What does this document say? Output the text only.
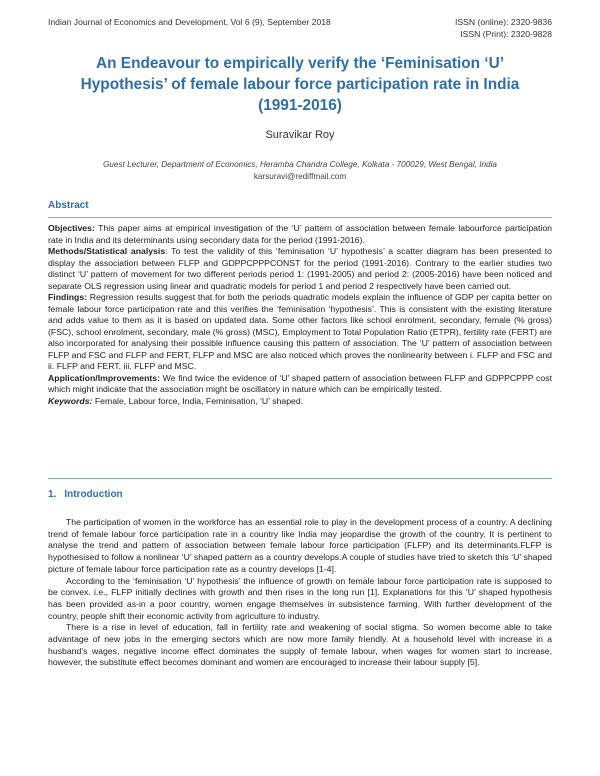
Indian Journal of Economics and Development, Vol 6 (9), September 2018	ISSN (online): 2320-9836
ISSN (Print): 2320-9828
An Endeavour to empirically verify the ‘Feminisation ‘U’
Hypothesis’ of female labour force participation rate in India
(1991-2016)
Suravikar Roy
Guest Lecturer, Department of Economics, Heramba Chandra College, Kolkata - 700029, West Bengal, India
karsuravi@rediffmail.com
Abstract

Objectives: This paper aims at empirical investigation of the ‘U’ pattern of association between female labourforce participation rate in India and its determinants using secondary data for the period (1991-2016).

Methods/Statistical analysis: To test the validity of this ‘feminisation ‘U’ hypothesis’ a scatter diagram has been presented to display the association between FLFP and GDPPCPPPCONST for the period (1991-2016). Contrary to the earlier studies two distinct ‘U’ pattern of movement for two different periods period 1: (1991-2005) and period 2: (2005-2016) have been noticed and separate OLS regression using linear and quadratic models for period 1 and period 2 respectively have been carried out.

Findings: Regression results suggest that for both the periods quadratic models explain the influence of GDP per capita better on female labour force participation rate and this verifies the ‘feminisation ‘hypothesis’. This is consistent with the existing literature and adds value to them as it is based on updated data. Some other factors like school enrolment, secondary, female (% gross) (FSC), school enrolment, secondary, male (% gross) (MSC), Employment to Total Population Ratio (ETPR), fertility rate (FERT) are also incorporated for analysing their possible influence causing this pattern of association. The ‘U’ pattern of association between FLFP and FSC and FLFP and FERT, FLFP and MSC are also noticed which proves the nonlinearity between i. FLFP and FSC and ii. FLFP and FERT, iii. FLFP and MSC.

Application/Improvements: We find twice the evidence of ‘U’ shaped pattern of association between FLFP and GDPPCPPP cost which might indicate that the association might be oscillatory in nature which can be empirically tested.

Keywords: Female, Labour force, India, Feminisation, ‘U’ shaped.

1. Introduction

The participation of women in the workforce has an essential role to play in the development process of a country. A declining trend of female labour force participation rate in a country like India may jeopardise the growth of the country. It is pertinent to analyse the trend and pattern of association between female labour force participation (FLFP) and its determinants.FLFP is hypothesised to follow a nonlinear ‘U’ shaped pattern as a country develops.A couple of studies have tried to sketch this ‘U’ shaped picture of female labour force participation rate as a country develops [1-4].

According to the ‘feminisation ‘U’ hypothesis’ the influence of growth on female labour force participation rate is supposed to be convex. i.e., FLFP initially declines with growth and then rises in the long run [1]. Explanations for this ‘U’ shaped hypothesis has been provided as-in a poor country, women engage themselves in subsistence farming. With further development of the country, people shift their economic activity from agriculture to industry.

There is a rise in level of education, fall in fertility rate and weakening of social stigma. So women become able to take advantage of new jobs in the emerging sectors which are now more family friendly. At a household level with increase in a husband’s wages, negative income effect dominates the supply of female labour, when wages for women start to increase, however, the substitute effect becomes dominant and women are encouraged to increase their labour supply [5].
